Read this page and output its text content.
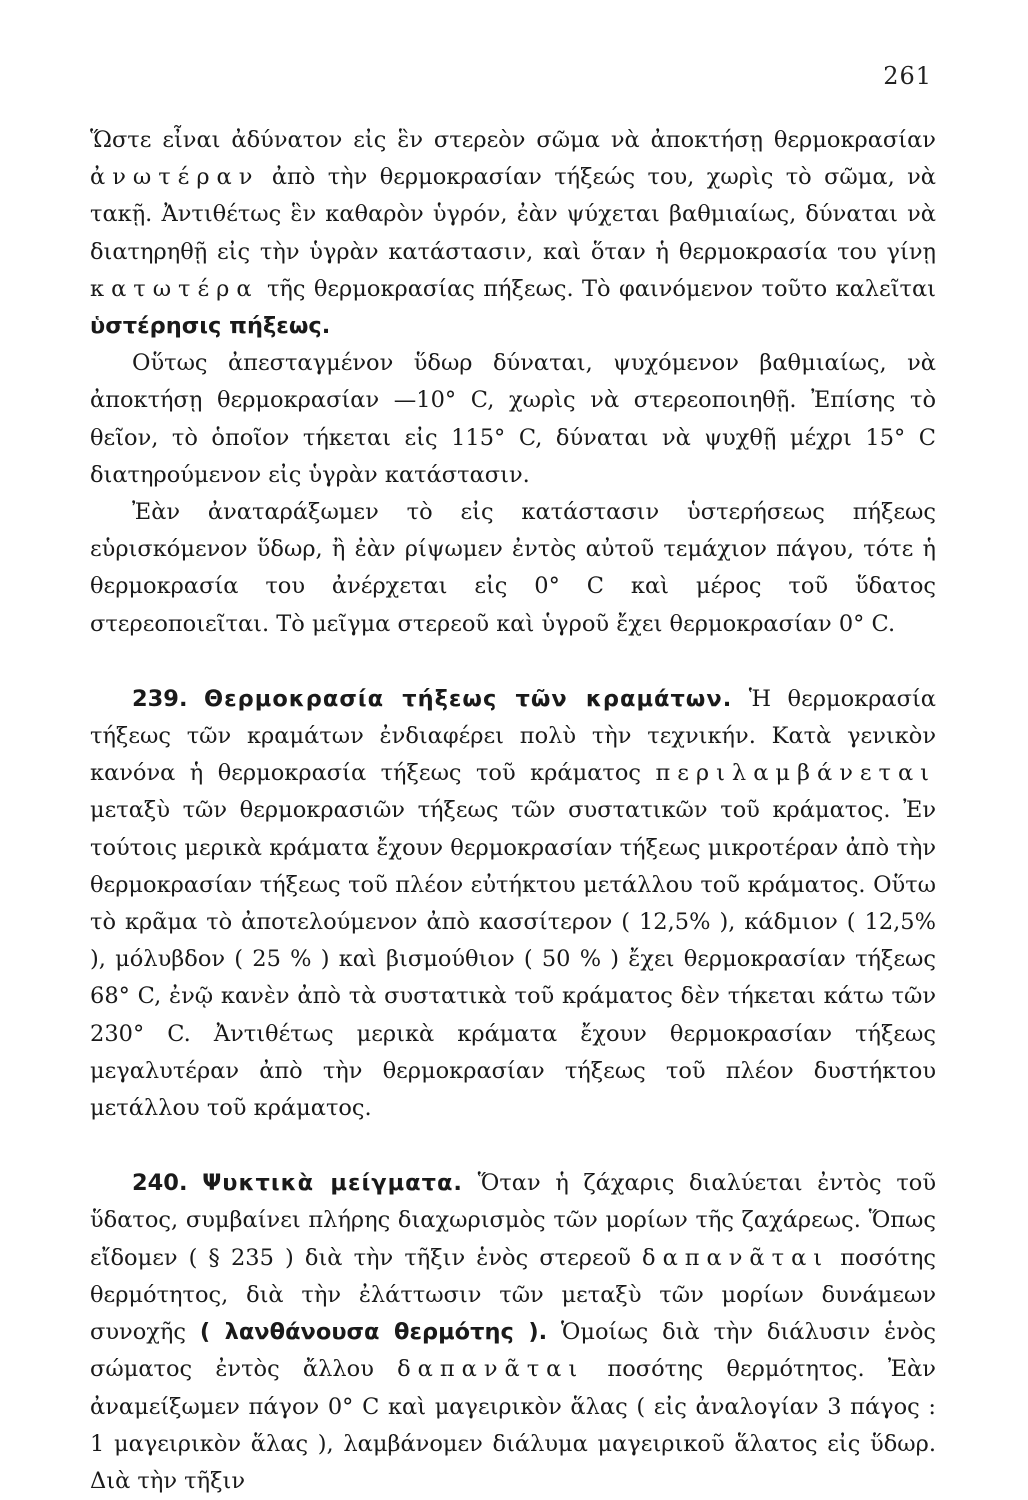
261

Ὥστε εἶναι ἀδύνατον εἰς ἓν στερεὸν σῶμα νὰ ἀποκτήσῃ θερμοκρασίαν ἀνωτέραν ἀπὸ τὴν θερμοκρασίαν τήξεώς του, χωρὶς τὸ σῶμα, νὰ τακῇ. Ἀντιθέτως ἓν καθαρὸν ὑγρόν, ἐὰν ψύχεται βαθμιαίως, δύναται νὰ διατηρηθῇ εἰς τὴν ὑγρὰν κατάστασιν, καὶ ὅταν ἡ θερμοκρασία του γίνῃ κατωτέρα τῆς θερμοκρασίας πήξεως. Τὸ φαινόμενον τοῦτο καλεῖται ὑστέρησις πήξεως.

Οὕτως ἀπεσταγμένον ὕδωρ δύναται, ψυχόμενον βαθμιαίως, νὰ ἀποκτήσῃ θερμοκρασίαν —10° C, χωρὶς νὰ στερεοποιηθῇ. Ἐπίσης τὸ θεῖον, τὸ ὁποῖον τήκεται εἰς 115° C, δύναται νὰ ψυχθῇ μέχρι 15° C διατηρούμενον εἰς ὑγρὰν κατάστασιν.

Ἐὰν ἀναταράξωμεν τὸ εἰς κατάστασιν ὑστερήσεως πήξεως εὑρισκόμενον ὕδωρ, ἢ ἐὰν ρίψωμεν ἐντὸς αὐτοῦ τεμάχιον πάγου, τότε ἡ θερμοκρασία του ἀνέρχεται εἰς 0° C καὶ μέρος τοῦ ὕδατος στερεοποιεῖται. Τὸ μεῖγμα στερεοῦ καὶ ὑγροῦ ἔχει θερμοκρασίαν 0° C.

239. Θερμοκρασία τήξεως τῶν κραμάτων. Ἡ θερμοκρασία τήξεως τῶν κραμάτων ἐνδιαφέρει πολὺ τὴν τεχνικήν. Κατὰ γενικὸν κανόνα ἡ θερμοκρασία τήξεως τοῦ κράματος περιλαμβάνεται μεταξὺ τῶν θερμοκρασιῶν τήξεως τῶν συστατικῶν τοῦ κράματος. Ἐν τούτοις μερικὰ κράματα ἔχουν θερμοκρασίαν τήξεως μικροτέραν ἀπὸ τὴν θερμοκρασίαν τήξεως τοῦ πλέον εὐτήκτου μετάλλου τοῦ κράματος. Οὕτω τὸ κρᾶμα τὸ ἀποτελούμενον ἀπὸ κασσίτερον ( 12,5% ), κάδμιον ( 12,5% ), μόλυβδον ( 25 % ) καὶ βισμούθιον ( 50 % ) ἔχει θερμοκρασίαν τήξεως 68° C, ἐνῷ κανὲν ἀπὸ τὰ συστατικὰ τοῦ κράματος δὲν τήκεται κάτω τῶν 230° C. Ἀντιθέτως μερικὰ κράματα ἔχουν θερμοκρασίαν τήξεως μεγαλυτέραν ἀπὸ τὴν θερμοκρασίαν τήξεως τοῦ πλέον δυστήκτου μετάλλου τοῦ κράματος.

240. Ψυκτικὰ μείγματα. Ὅταν ἡ ζάχαρις διαλύεται ἐντὸς τοῦ ὕδατος, συμβαίνει πλήρης διαχωρισμὸς τῶν μορίων τῆς ζαχάρεως. Ὅπως εἴδομεν ( § 235 ) διὰ τὴν τῆξιν ἑνὸς στερεοῦ δαπανᾶται ποσότης θερμότητος, διὰ τὴν ἐλάττωσιν τῶν μεταξὺ τῶν μορίων δυνάμεων συνοχῆς ( λανθάνουσα θερμότης ). Ὁμοίως διὰ τὴν διάλυσιν ἑνὸς σώματος ἐντὸς ἄλλου δαπανᾶται ποσότης θερμότητος. Ἐὰν ἀναμείξωμεν πάγον 0° C καὶ μαγειρικὸν ἅλας ( εἰς ἀναλογίαν 3 πάγος : 1 μαγειρικὸν ἅλας ), λαμβάνομεν διάλυμα μαγειρικοῦ ἅλατος εἰς ὕδωρ. Διὰ τὴν τῆξιν
